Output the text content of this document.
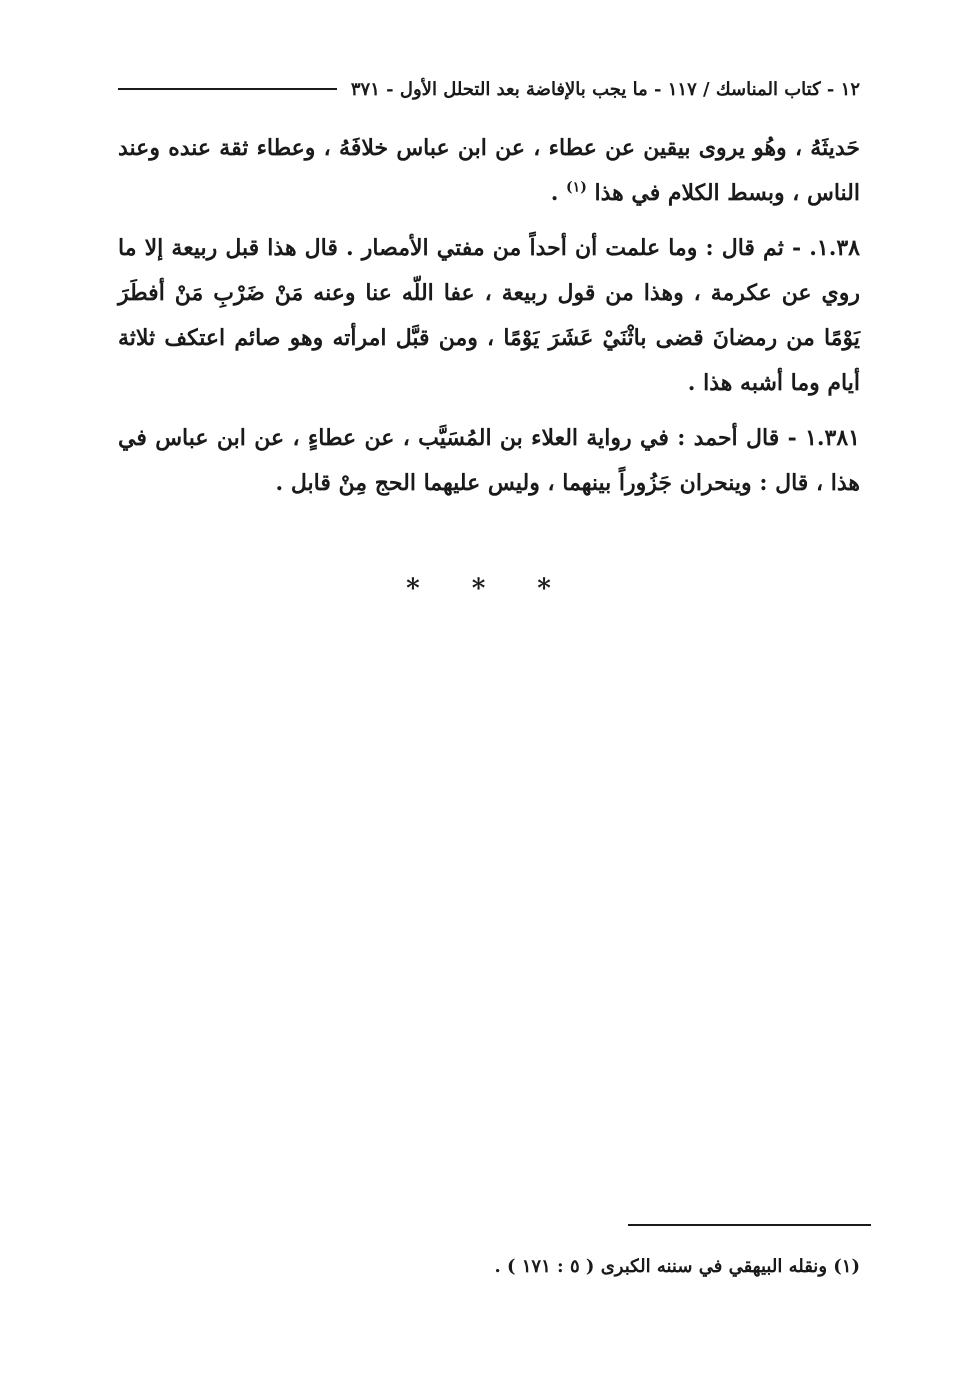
١٢ - كتاب المناسك / ١١٧ - ما يجب بالإفاضة بعد التحلل الأول - ٣٧١

حَديثَهُ ، وهُو يروى بيقين عن عطاء ، عن ابن عباس خلافَهُ ، وعطاء ثقة عنده وعند الناس ، وبسط الكلام في هذا $^{(١)}$ .

١.٣٨. - ثم قال : وما علمت أن أحداً من مفتي الأمصار . قال هذا قبل ربيعة إلا ما روي عن عكرمة ، وهذا من قول ربيعة ، عفا اللّه عنا وعنه مَنْ ضَرْبِ مَنْ أفطَرَ يَوْمًا من رمضانَ قضى باثْنَيْ عَشَرَ يَوْمًا ، ومن قبَّل امرأته وهو صائم اعتكف ثلاثة أيام وما أشبه هذا .

١.٣٨١ - قال أحمد : في رواية العلاء بن المُسَيَّب ، عن عطاءٍ ، عن ابن عباس في هذا ، قال : وينحران جَزُوراً بينهما ، وليس عليهما الحج مِنْ قابل .

* * *
(١) ونقله البيهقي في سننه الكبرى ( ٥ : ١٧١ ) .
